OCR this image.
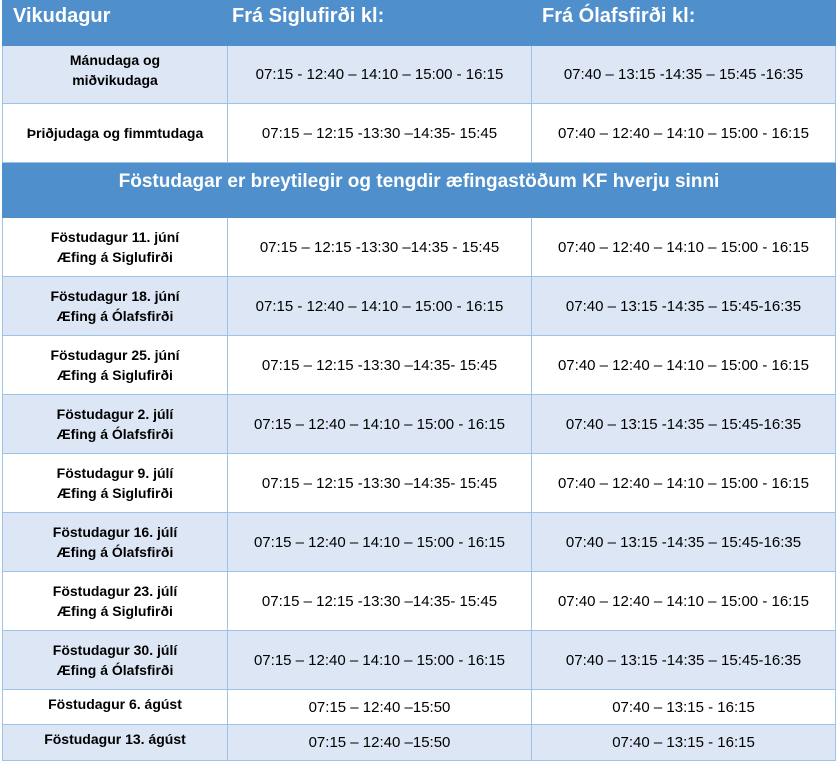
Vikudagur	Frá Siglufirði kl:	Frá Ólafsfirði kl:

Mánudaga og
miðvikudaga	07:15 - 12:40 – 14:10 – 15:00 - 16:15	07:40 – 13:15 -14:35 – 15:45 -16:35

Þriðjudaga og fimmtudaga	07:15 – 12:15 -13:30 –14:35- 15:45	07:40 – 12:40 – 14:10 – 15:00 - 16:15
Föstudagar er breytilegir og tengdir æfingastöðum KF hverju sinni		

Föstudagur 11. júní
Æfing á Siglufirði	07:15 – 12:15 -13:30 –14:35 - 15:45	07:40 – 12:40 – 14:10 – 15:00 - 16:15

Föstudagur 18. júní
Æfing á Ólafsfirði	07:15 - 12:40 – 14:10 – 15:00 - 16:15	07:40 – 13:15 -14:35 – 15:45-16:35

Föstudagur 25. júní
Æfing á Siglufirði	07:15 – 12:15 -13:30 –14:35- 15:45	07:40 – 12:40 – 14:10 – 15:00 - 16:15

Föstudagur 2. júlí
Æfing á Ólafsfirði	07:15 – 12:40 – 14:10 – 15:00 - 16:15	07:40 – 13:15 -14:35 – 15:45-16:35

Föstudagur 9. júlí
Æfing á Siglufirði	07:15 – 12:15 -13:30 –14:35- 15:45	07:40 – 12:40 – 14:10 – 15:00 - 16:15

Föstudagur 16. júlí
Æfing á Ólafsfirði	07:15 – 12:40 – 14:10 – 15:00 - 16:15	07:40 – 13:15 -14:35 – 15:45-16:35

Föstudagur 23. júlí
Æfing á Siglufirði	07:15 – 12:15 -13:30 –14:35- 15:45	07:40 – 12:40 – 14:10 – 15:00 - 16:15

Föstudagur 30. júlí
Æfing á Ólafsfirði	07:15 – 12:40 – 14:10 – 15:00 - 16:15	07:40 – 13:15 -14:35 – 15:45-16:35

Föstudagur 6. ágúst	07:15 – 12:40 –15:50	07:40 – 13:15 - 16:15

Föstudagur 13. ágúst	07:15 – 12:40 –15:50	07:40 – 13:15 - 16:15
